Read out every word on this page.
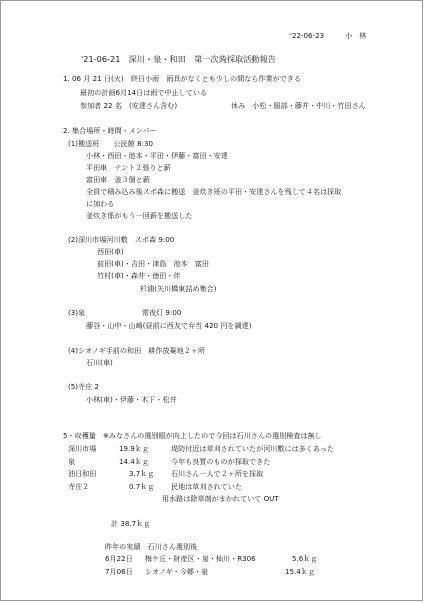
'22-06-23	小　林
'21-06-21　深川・泉・和田　第一次蒟採取活動報告
1. 06 月 21 日(火)　終日小雨　雨具がなくとも少しの間なら作業ができる
最初の計画6月14日は雨で中止している
参加者 22 名　(安達さん含む)	休み　小松・服部・藤井・中川・竹田さん
2. 集合場所・時間・メンバー
(1)搬送班　　公民館 8:30
小林・西田・池本・平田・伊藤・富田・安達
平田車　テント２張りと薪
富田車　釜３個と薪
全員で積み込み後スポ森に搬送　釜炊き班の平田・安達さんを残して４名は採取
に加わる
釜炊き係がもう一回薪を搬送した
(2)深川市場河川敷　スポ森 9:00
西田(車)
前田(車)・吉田・津島　池本　富田
竹村(車)・森井・徳田・伴
杉浦(矢川橋東詰め集合)
(3)泉　　　　　　　　常夜灯 9:00
藤谷・山中・山崎(昼前に西友で弁当 420 円を調達)
(4)シオノギ手前の和田　耕作放棄地２ヶ所
石川(車)
(5)寺庄 2
小林(車)・伊藤・木下・松井
5・収穫量　※みなさんの選別眼が向上したので今回は石川さんの選別検査は無し
深川市場	19.9ｋｇ	堤防付近は草刈されていたが河川敷には多くあった
泉	14.4ｋｇ	今年も良質のものが採取できた
油日和田	3.7ｋｇ 石川さん一人で２ヶ所を採取
寺庄２	0.7ｋｇ 民地は草刈されていた
用水路は除草剤がまかれていて OUT
計 38.7ｋｇ
昨年の実績　石川さん選別後
6月22日 梅ケ丘・財産区・泉・杣川・R306	5.6ｋｇ
7月06日 シオノギ・今郷・泉	15.4ｋｇ
